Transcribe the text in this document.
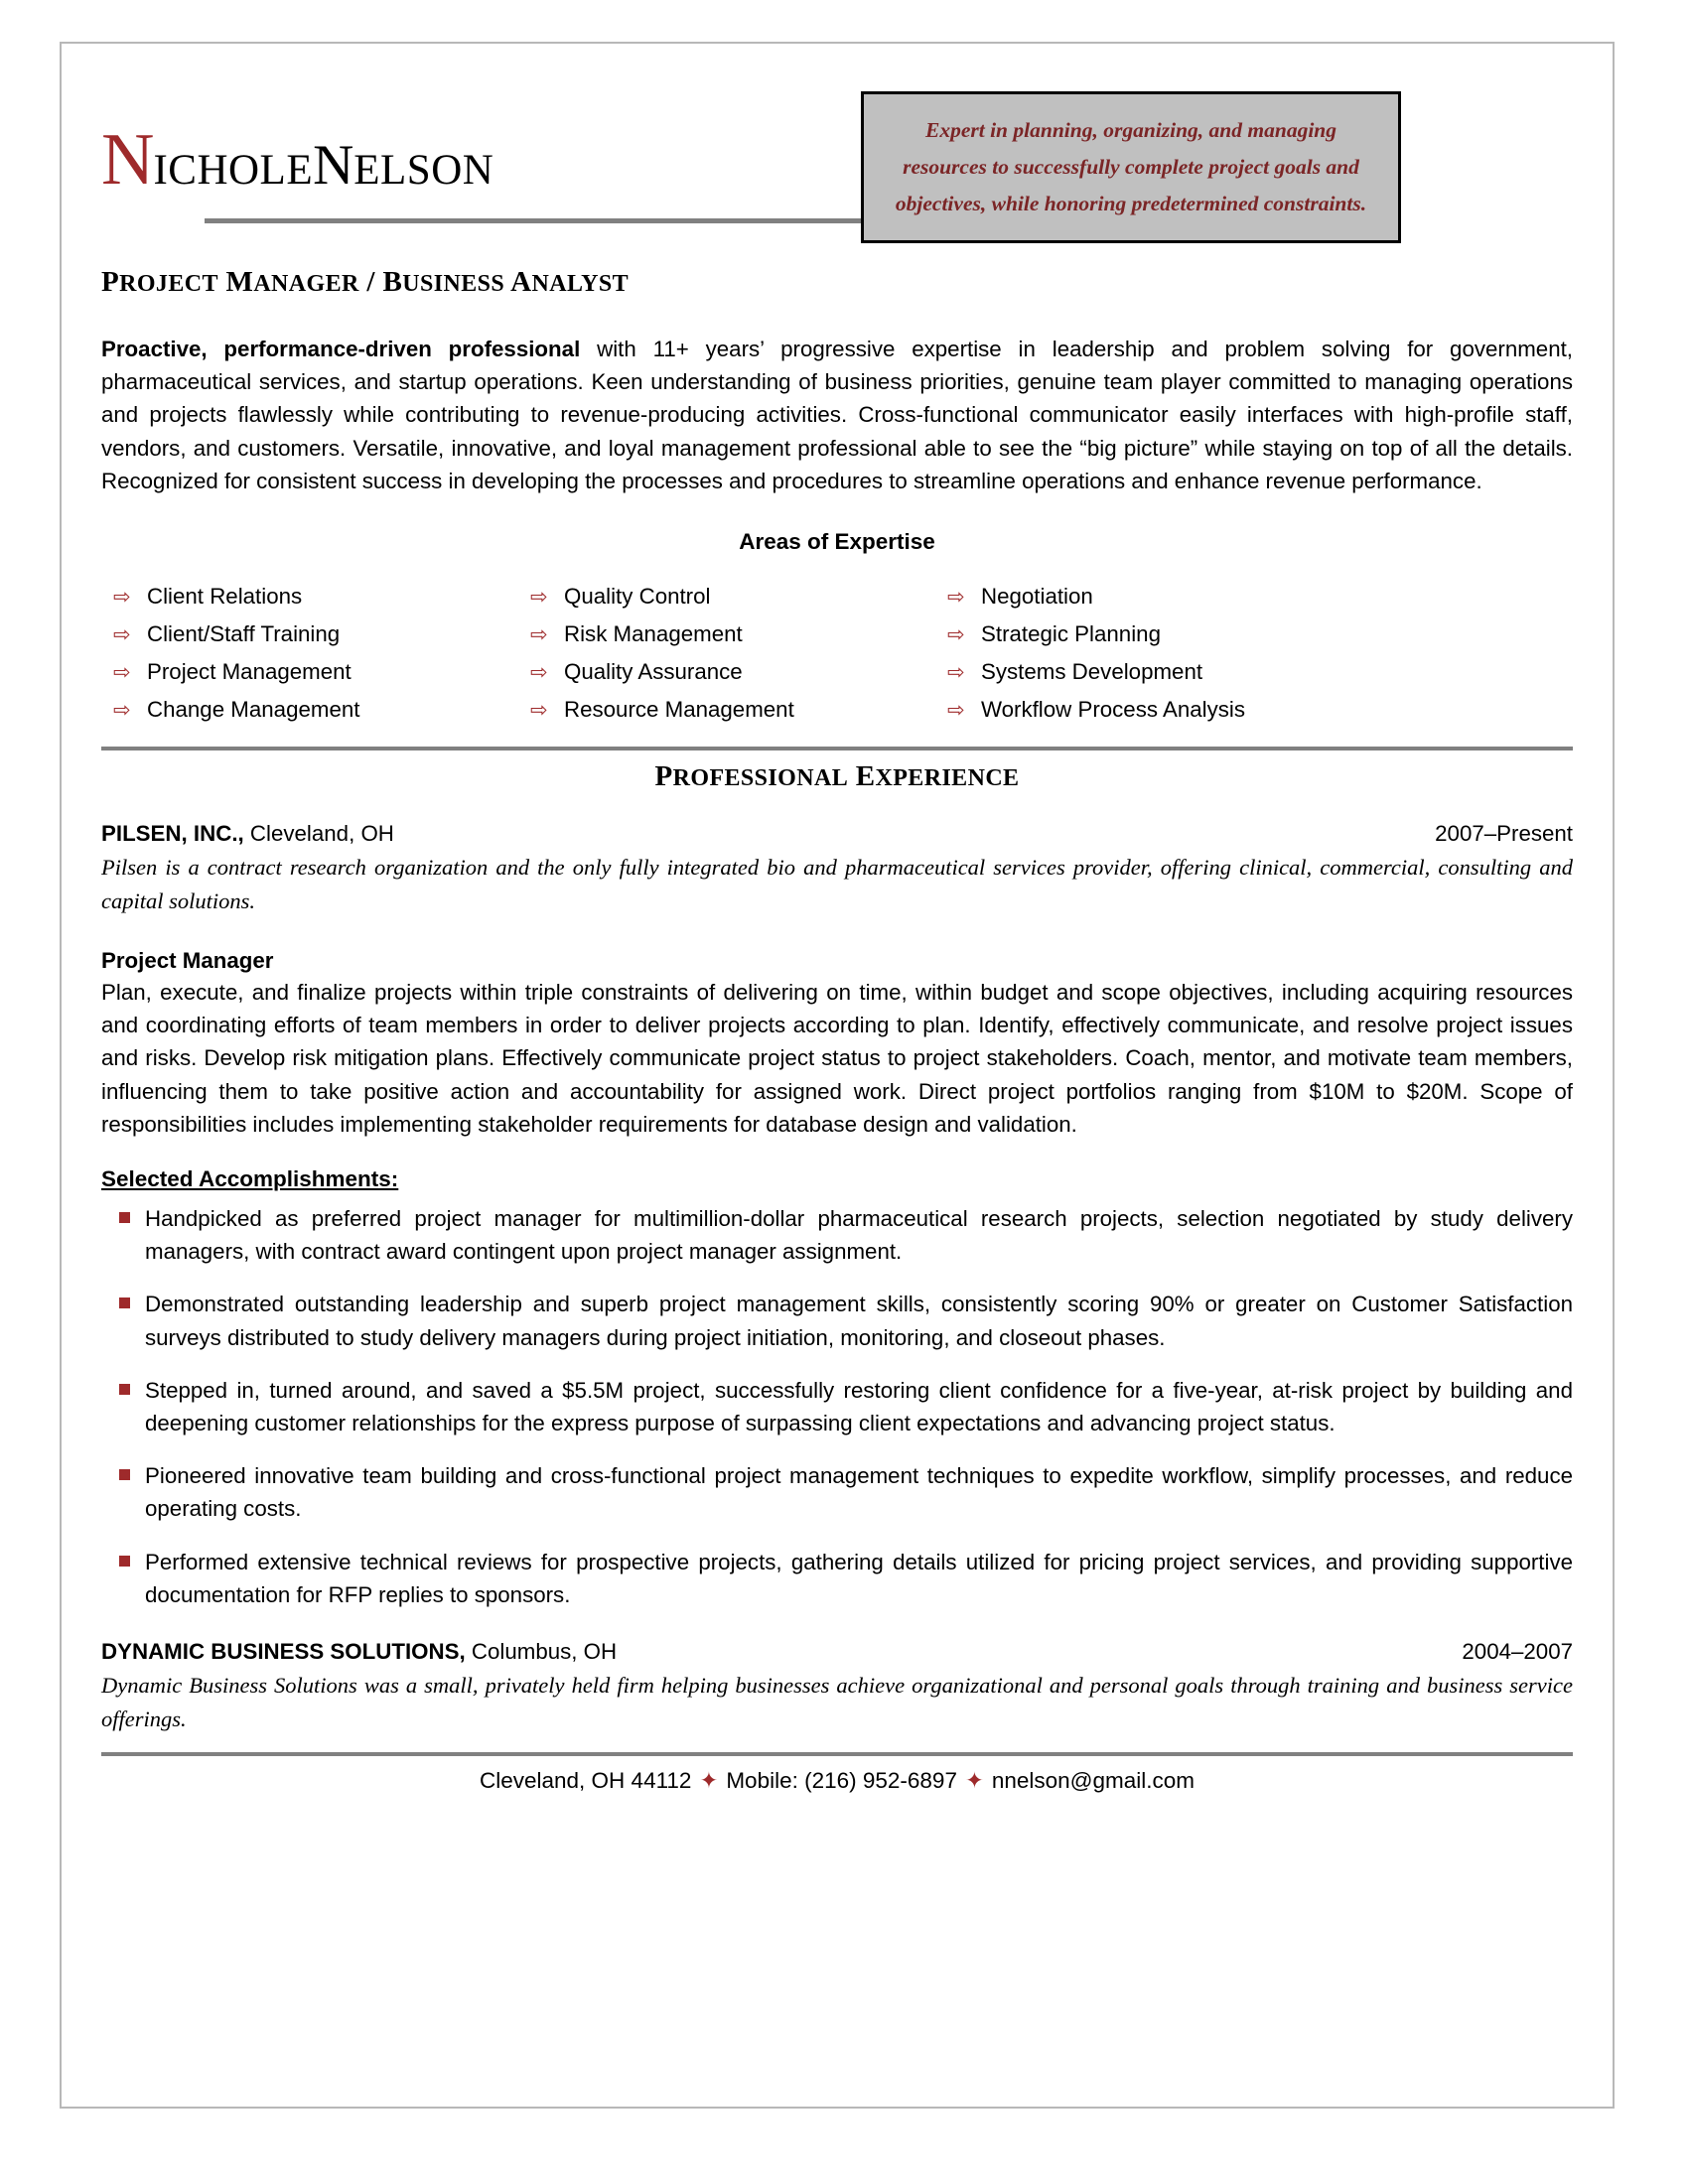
NICHOLENELSON
Expert in planning, organizing, and managing resources to successfully complete project goals and objectives, while honoring predetermined constraints.
PROJECT MANAGER / BUSINESS ANALYST
Proactive, performance-driven professional with 11+ years’ progressive expertise in leadership and problem solving for government, pharmaceutical services, and startup operations. Keen understanding of business priorities, genuine team player committed to managing operations and projects flawlessly while contributing to revenue-producing activities. Cross-functional communicator easily interfaces with high-profile staff, vendors, and customers. Versatile, innovative, and loyal management professional able to see the “big picture” while staying on top of all the details. Recognized for consistent success in developing the processes and procedures to streamline operations and enhance revenue performance.
Areas of Expertise
⇨ Client Relations	⇨ Quality Control	⇨ Negotiation
⇨ Client/Staff Training	⇨ Risk Management	⇨ Strategic Planning
⇨ Project Management	⇨ Quality Assurance	⇨ Systems Development
⇨ Change Management	⇨ Resource Management	⇨ Workflow Process Analysis
PROFESSIONAL EXPERIENCE
PILSEN, INC., Cleveland, OH	2007–Present
Pilsen is a contract research organization and the only fully integrated bio and pharmaceutical services provider, offering clinical, commercial, consulting and capital solutions.
Project Manager
Plan, execute, and finalize projects within triple constraints of delivering on time, within budget and scope objectives, including acquiring resources and coordinating efforts of team members in order to deliver projects according to plan. Identify, effectively communicate, and resolve project issues and risks. Develop risk mitigation plans. Effectively communicate project status to project stakeholders. Coach, mentor, and motivate team members, influencing them to take positive action and accountability for assigned work. Direct project portfolios ranging from $10M to $20M. Scope of responsibilities includes implementing stakeholder requirements for database design and validation.
Selected Accomplishments:
Handpicked as preferred project manager for multimillion-dollar pharmaceutical research projects, selection negotiated by study delivery managers, with contract award contingent upon project manager assignment.
Demonstrated outstanding leadership and superb project management skills, consistently scoring 90% or greater on Customer Satisfaction surveys distributed to study delivery managers during project initiation, monitoring, and closeout phases.
Stepped in, turned around, and saved a $5.5M project, successfully restoring client confidence for a five-year, at-risk project by building and deepening customer relationships for the express purpose of surpassing client expectations and advancing project status.
Pioneered innovative team building and cross-functional project management techniques to expedite workflow, simplify processes, and reduce operating costs.
Performed extensive technical reviews for prospective projects, gathering details utilized for pricing project services, and providing supportive documentation for RFP replies to sponsors.
DYNAMIC BUSINESS SOLUTIONS, Columbus, OH	2004–2007
Dynamic Business Solutions was a small, privately held firm helping businesses achieve organizational and personal goals through training and business service offerings.
Cleveland, OH 44112 ✦ Mobile: (216) 952-6897 ✦ nnelson@gmail.com
